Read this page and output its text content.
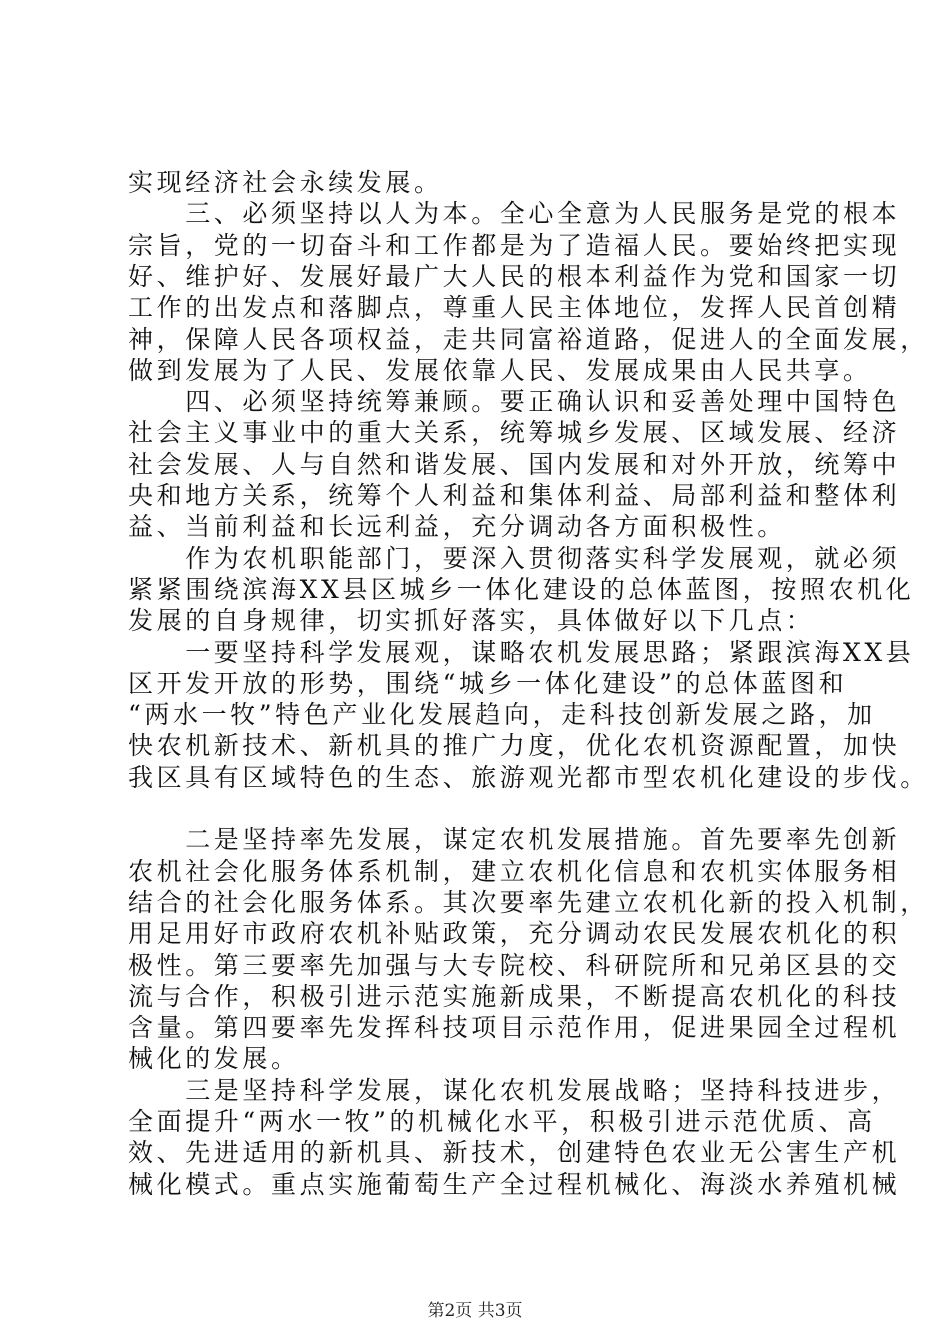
实现经济社会永续发展。
　　三、必须坚持以人为本。全心全意为人民服务是党的根本
宗旨，党的一切奋斗和工作都是为了造福人民。要始终把实现
好、维护好、发展好最广大人民的根本利益作为党和国家一切
工作的出发点和落脚点，尊重人民主体地位，发挥人民首创精
神，保障人民各项权益，走共同富裕道路，促进人的全面发展，
做到发展为了人民、发展依靠人民、发展成果由人民共享。
　　四、必须坚持统筹兼顾。要正确认识和妥善处理中国特色
社会主义事业中的重大关系，统筹城乡发展、区域发展、经济
社会发展、人与自然和谐发展、国内发展和对外开放，统筹中
央和地方关系，统筹个人利益和集体利益、局部利益和整体利
益、当前利益和长远利益，充分调动各方面积极性。
　　作为农机职能部门，要深入贯彻落实科学发展观，就必须
紧紧围绕滨海XX县区城乡一体化建设的总体蓝图，按照农机化
发展的自身规律，切实抓好落实，具体做好以下几点：
　　一要坚持科学发展观，谋略农机发展思路；紧跟滨海XX县
区开发开放的形势，围绕“城乡一体化建设”的总体蓝图和
“两水一牧”特色产业化发展趋向，走科技创新发展之路，加
快农机新技术、新机具的推广力度，优化农机资源配置，加快
我区具有区域特色的生态、旅游观光都市型农机化建设的步伐。
　　二是坚持率先发展，谋定农机发展措施。首先要率先创新
农机社会化服务体系机制，建立农机化信息和农机实体服务相
结合的社会化服务体系。其次要率先建立农机化新的投入机制，
用足用好市政府农机补贴政策，充分调动农民发展农机化的积
极性。第三要率先加强与大专院校、科研院所和兄弟区县的交
流与合作，积极引进示范实施新成果，不断提高农机化的科技
含量。第四要率先发挥科技项目示范作用，促进果园全过程机
械化的发展。
　　三是坚持科学发展，谋化农机发展战略；坚持科技进步，
全面提升“两水一牧”的机械化水平，积极引进示范优质、高
效、先进适用的新机具、新技术，创建特色农业无公害生产机
械化模式。重点实施葡萄生产全过程机械化、海淡水养殖机械
第2页 共3页
